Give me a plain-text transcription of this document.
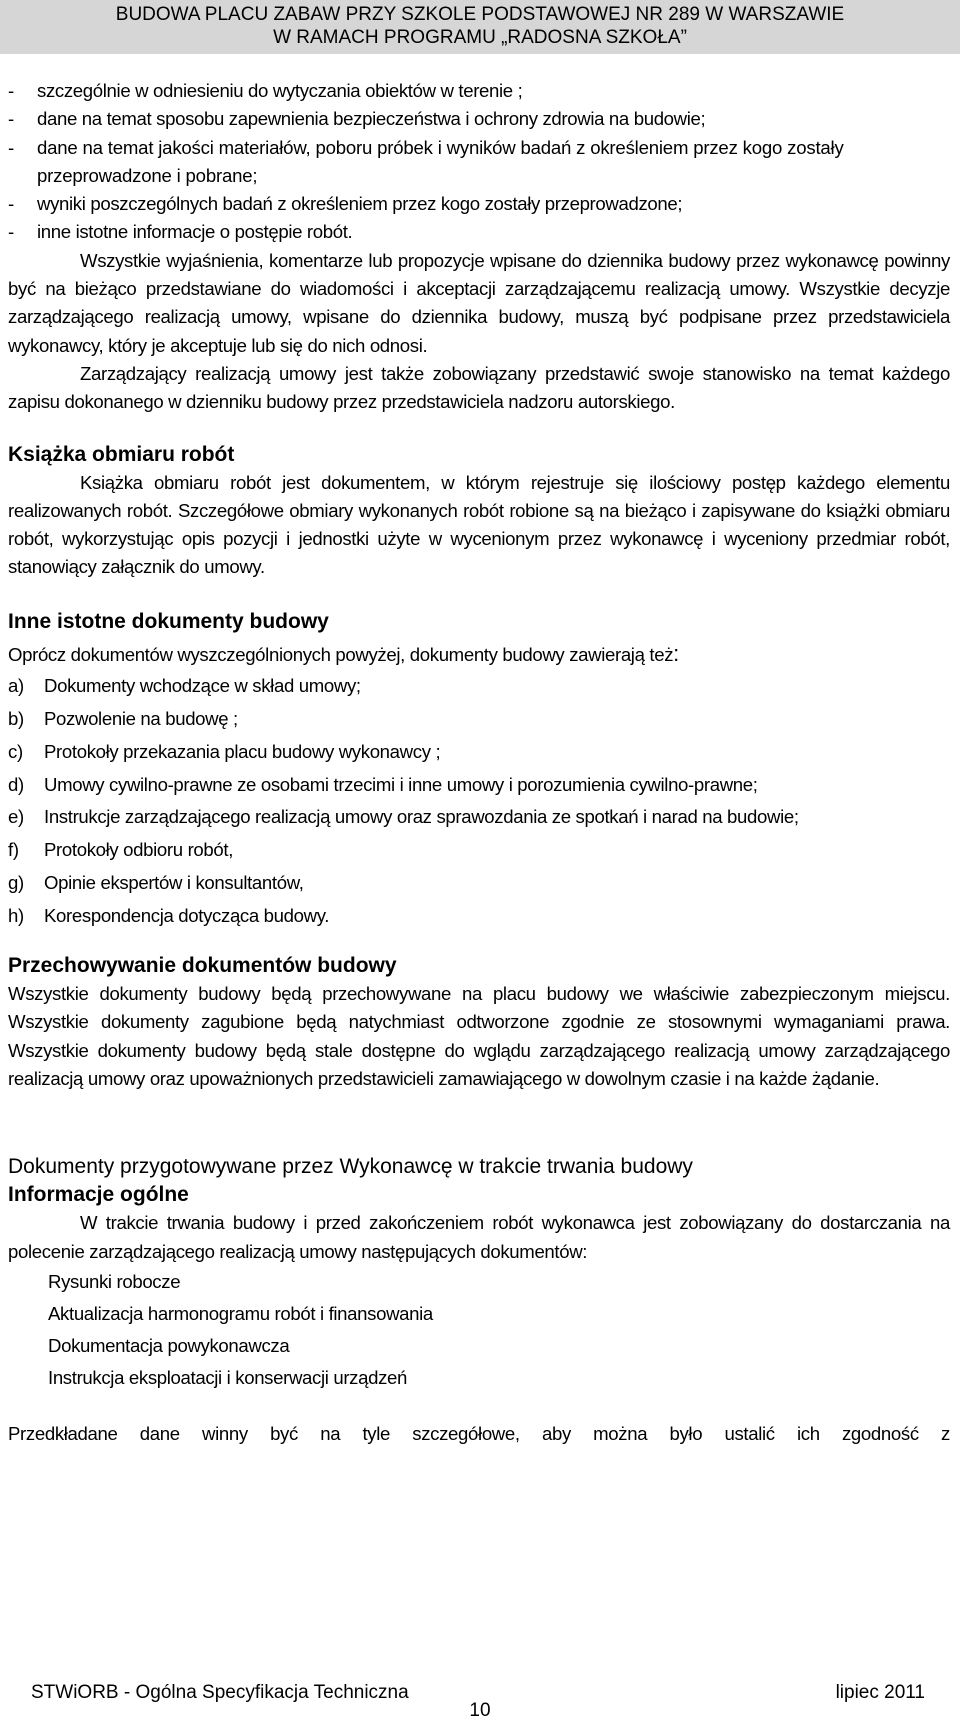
BUDOWA PLACU ZABAW PRZY SZKOLE PODSTAWOWEJ NR 289 W WARSZAWIE
W RAMACH PROGRAMU „RADOSNA SZKOŁA”
- szczególnie w odniesieniu do wytyczania obiektów w terenie ;
- dane na temat sposobu zapewnienia bezpieczeństwa i ochrony zdrowia na budowie;
- dane na temat jakości materiałów, poboru próbek i wyników badań z określeniem przez kogo zostały przeprowadzone i pobrane;
- wyniki poszczególnych badań z określeniem przez kogo zostały przeprowadzone;
- inne istotne informacje o postępie robót.

Wszystkie wyjaśnienia, komentarze lub propozycje wpisane do dziennika budowy przez wykonawcę powinny być na bieżąco przedstawiane do wiadomości i akceptacji zarządzającemu realizacją umowy. Wszystkie decyzje zarządzającego realizacją umowy, wpisane do dziennika budowy, muszą być podpisane przez przedstawiciela wykonawcy, który je akceptuje lub się do nich odnosi.

Zarządzający realizacją umowy jest także zobowiązany przedstawić swoje stanowisko na temat każdego zapisu dokonanego w dzienniku budowy przez przedstawiciela nadzoru autorskiego.

Książka obmiaru robót

Książka obmiaru robót jest dokumentem, w którym rejestruje się ilościowy postęp każdego elementu realizowanych robót. Szczegółowe obmiary wykonanych robót robione są na bieżąco i zapisywane do książki obmiaru robót, wykorzystując opis pozycji i jednostki użyte w wycenionym przez wykonawcę i wyceniony przedmiar robót, stanowiący załącznik do umowy.

Inne istotne dokumenty budowy

Oprócz dokumentów wyszczególnionych powyżej, dokumenty budowy zawierają też:

a) Dokumenty wchodzące w skład umowy;
b) Pozwolenie na budowę ;
c) Protokoły przekazania placu budowy wykonawcy ;
d) Umowy cywilno-prawne ze osobami trzecimi i inne umowy i porozumienia cywilno-prawne;
e) Instrukcje zarządzającego realizacją umowy oraz sprawozdania ze spotkań i narad na budowie;
f) Protokoły odbioru robót,
g) Opinie ekspertów i konsultantów,
h) Korespondencja dotycząca budowy.
Przechowywanie dokumentów budowy

Wszystkie dokumenty budowy będą przechowywane na placu budowy we właściwie zabezpieczonym miejscu. Wszystkie dokumenty zagubione będą natychmiast odtworzone zgodnie ze stosownymi wymaganiami prawa. Wszystkie dokumenty budowy będą stale dostępne do wglądu zarządzającego realizacją umowy zarządzającego realizacją umowy oraz upoważnionych przedstawicieli zamawiającego w dowolnym czasie i na każde żądanie.

Dokumenty przygotowywane przez Wykonawcę w trakcie trwania budowy
Informacje ogólne

W trakcie trwania budowy i przed zakończeniem robót wykonawca jest zobowiązany do dostarczania na polecenie zarządzającego realizacją umowy następujących dokumentów:

Rysunki robocze
Aktualizacja harmonogramu robót i finansowania
Dokumentacja powykonawcza
Instrukcja eksploatacji i konserwacji urządzeń

Przedkładane dane winny być na tyle szczegółowe, aby można było ustalić ich zgodność z

STWiORB - Ogólna Specyfikacja Techniczna	lipiec 2011
10
